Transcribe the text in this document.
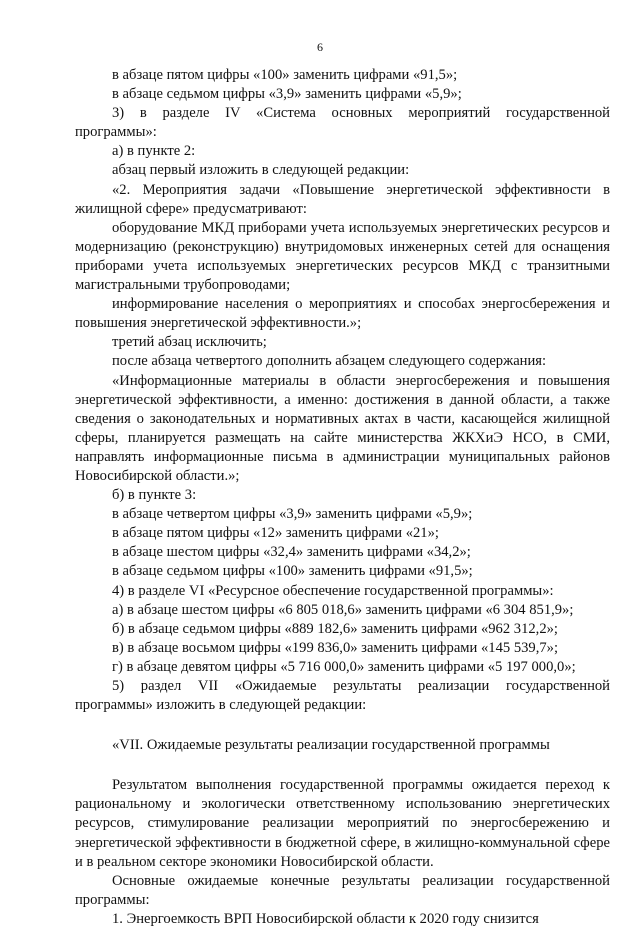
6

в абзаце пятом цифры «100» заменить цифрами «91,5»;

в абзаце седьмом цифры «3,9» заменить цифрами «5,9»;

3) в разделе IV «Система основных мероприятий государственной программы»:

а) в пункте 2:

абзац первый изложить в следующей редакции:

«2. Мероприятия задачи «Повышение энергетической эффективности в жилищной сфере» предусматривают:

оборудование МКД приборами учета используемых энергетических ресурсов и модернизацию (реконструкцию) внутридомовых инженерных сетей для оснащения приборами учета используемых энергетических ресурсов МКД с транзитными магистральными трубопроводами;

информирование населения о мероприятиях и способах энергосбережения и повышения энергетической эффективности.»;

третий абзац исключить;

после абзаца четвертого дополнить абзацем следующего содержания:

«Информационные материалы в области энергосбережения и повышения энергетической эффективности, а именно: достижения в данной области, а также сведения о законодательных и нормативных актах в части, касающейся жилищной сферы, планируется размещать на сайте министерства ЖКХиЭ НСО, в СМИ, направлять информационные письма в администрации муниципальных районов Новосибирской области.»;

б) в пункте 3:

в абзаце четвертом цифры «3,9» заменить цифрами «5,9»;

в абзаце пятом цифры «12» заменить цифрами «21»;

в абзаце шестом цифры «32,4» заменить цифрами «34,2»;

в абзаце седьмом цифры «100» заменить цифрами «91,5»;

4) в разделе VI «Ресурсное обеспечение государственной программы»:

а) в абзаце шестом цифры «6 805 018,6» заменить цифрами «6 304 851,9»;

б) в абзаце седьмом цифры «889 182,6» заменить цифрами «962 312,2»;

в) в абзаце восьмом цифры «199 836,0» заменить цифрами «145 539,7»;

г) в абзаце девятом цифры «5 716 000,0» заменить цифрами «5 197 000,0»;

5) раздел VII «Ожидаемые результаты реализации государственной программы» изложить в следующей редакции:

«VII. Ожидаемые результаты реализации государственной программы

Результатом выполнения государственной программы ожидается переход к рациональному и экологически ответственному использованию энергетических ресурсов, стимулирование реализации мероприятий по энергосбережению и энергетической эффективности в бюджетной сфере, в жилищно-коммунальной сфере и в реальном секторе экономики Новосибирской области.

Основные ожидаемые конечные результаты реализации государственной программы:

1. Энергоемкость ВРП Новосибирской области к 2020 году снизится
